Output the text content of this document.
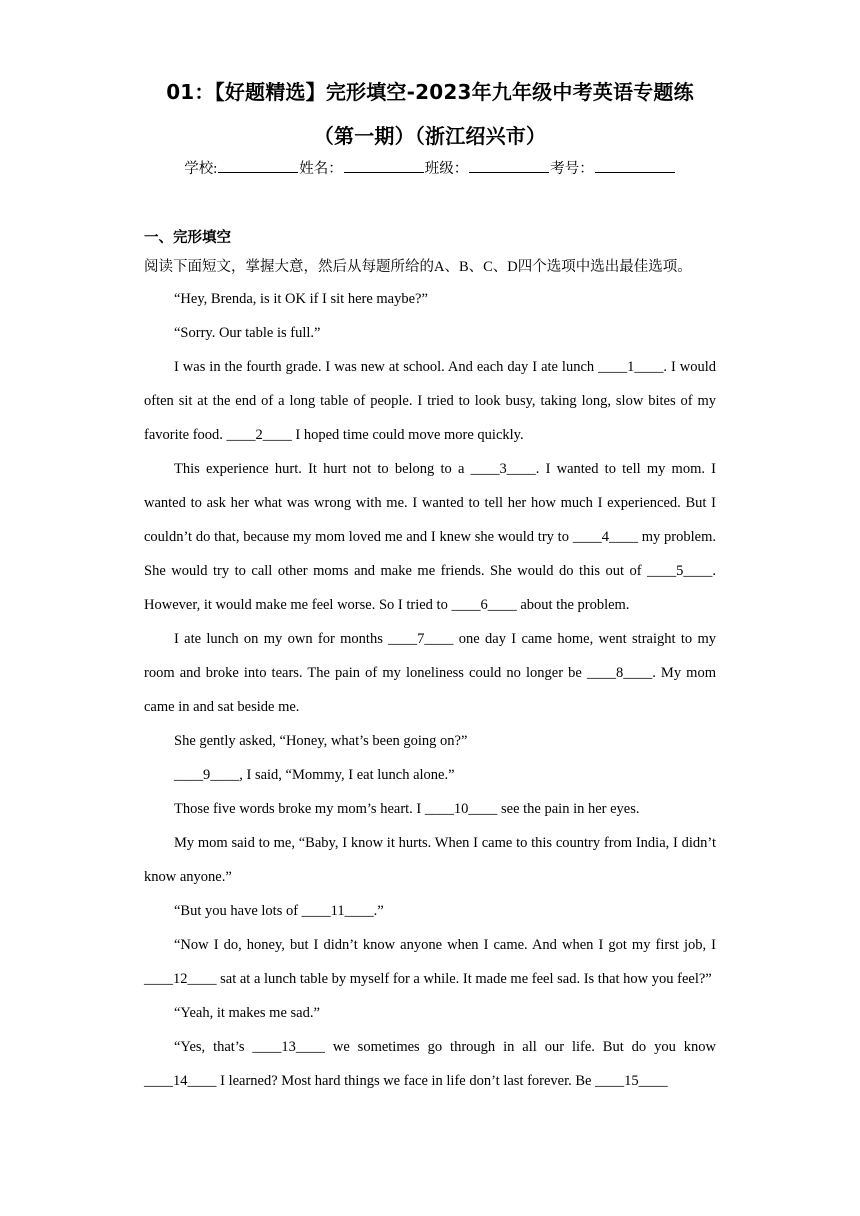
01：【好题精选】完形填空-2023年九年级中考英语专题练
（第一期）（浙江绍兴市）
学校:	姓名：	班级：	考号：
一、完形填空
阅读下面短文，掌握大意，然后从每题所给的A、B、C、D四个选项中选出最佳选项。

“Hey, Brenda, is it OK if I sit here maybe?”

“Sorry. Our table is full.”

I was in the fourth grade. I was new at school. And each day I ate lunch ____1____. I would often sit at the end of a long table of people. I tried to look busy, taking long, slow bites of my favorite food. ____2____ I hoped time could move more quickly.

This experience hurt. It hurt not to belong to a ____3____. I wanted to tell my mom. I wanted to ask her what was wrong with me. I wanted to tell her how much I experienced. But I couldn’t do that, because my mom loved me and I knew she would try to ____4____ my problem. She would try to call other moms and make me friends. She would do this out of ____5____. However, it would make me feel worse. So I tried to ____6____ about the problem.

I ate lunch on my own for months ____7____ one day I came home, went straight to my room and broke into tears. The pain of my loneliness could no longer be ____8____. My mom came in and sat beside me.

She gently asked, “Honey, what’s been going on?”

____9____, I said, “Mommy, I eat lunch alone.”

Those five words broke my mom’s heart. I ____10____ see the pain in her eyes.

My mom said to me, “Baby, I know it hurts. When I came to this country from India, I didn’t know anyone.”

“But you have lots of ____11____.”

“Now I do, honey, but I didn’t know anyone when I came. And when I got my first job, I ____12____ sat at a lunch table by myself for a while. It made me feel sad. Is that how you feel?”

“Yeah, it makes me sad.”

“Yes, that’s ____13____ we sometimes go through in all our life. But do you know ____14____ I learned? Most hard things we face in life don’t last forever. Be ____15____
